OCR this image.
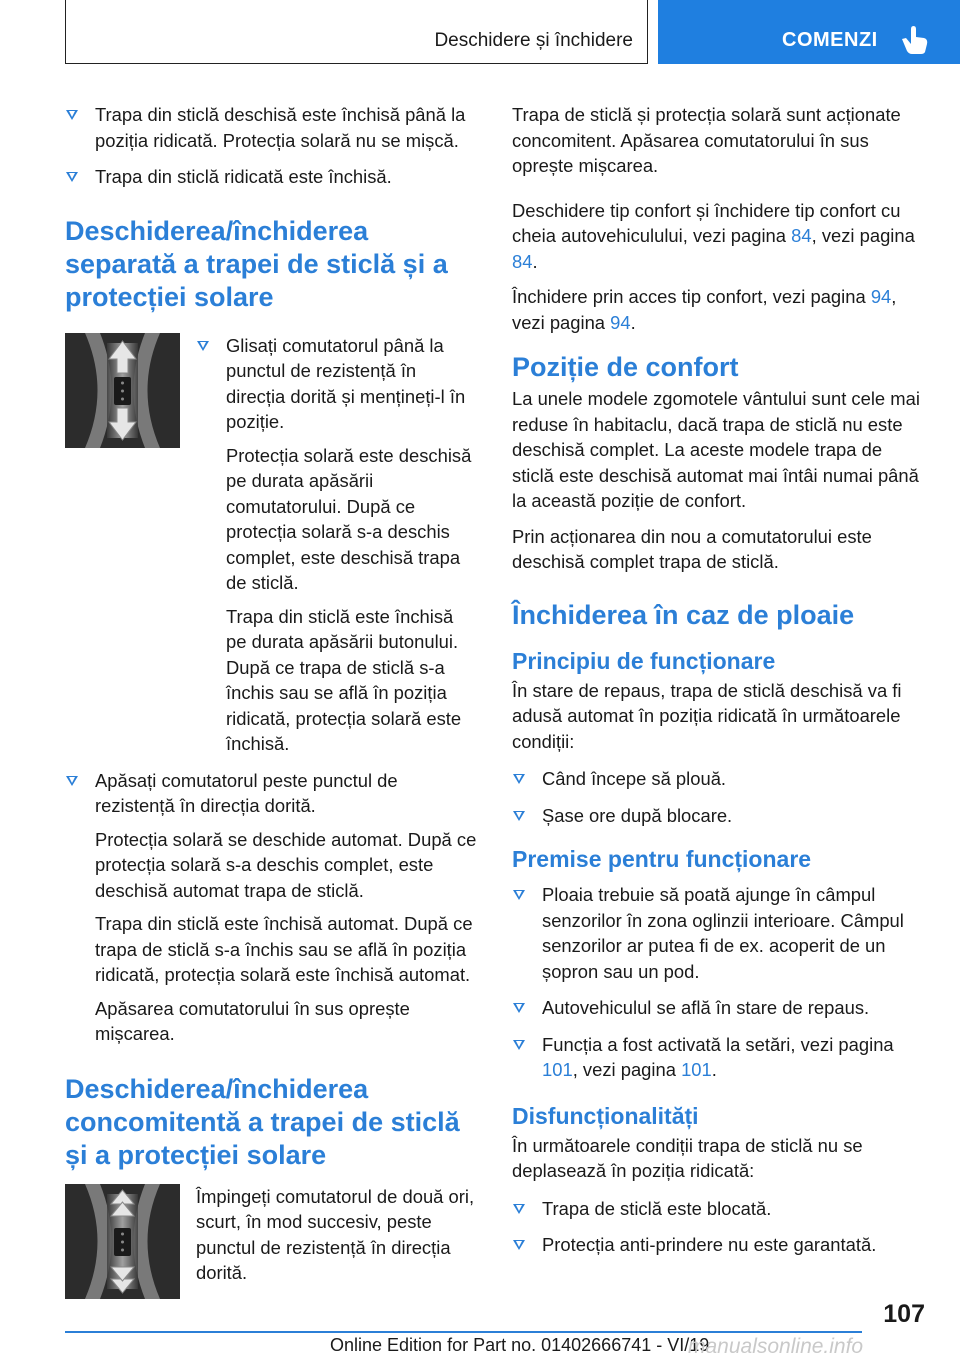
Deschidere și închidere	COMENZI

Trapa din sticlă deschisă este închisă până la poziția ridicată. Protecția solară nu se mișcă.

Trapa din sticlă ridicată este închisă.

Deschiderea/închiderea separată a trapei de sticlă și a protecției solare

Glisați comutatorul până la punctul de rezistență în direcția dorită și mențineți-l în poziție.

Protecția solară este deschisă pe durata apăsării comutatorului. După ce protecția solară s-a deschis complet, este deschisă trapa de sticlă.

Trapa din sticlă este închisă pe durata apăsării butonului. După ce trapa de sticlă s-a închis sau se află în poziția ridicată, protecția solară este închisă.

Apăsați comutatorul peste punctul de rezistență în direcția dorită.

Protecția solară se deschide automat. După ce protecția solară s-a deschis complet, este deschisă automat trapa de sticlă.

Trapa din sticlă este închisă automat. După ce trapa de sticlă s-a închis sau se află în poziția ridicată, protecția solară este închisă automat.

Apăsarea comutatorului în sus oprește mișcarea.

Deschiderea/închiderea concomitentă a trapei de sticlă și a protecției solare

Împingeți comutatorul de două ori, scurt, în mod succesiv, peste punctul de rezistență în direcția dorită.

Trapa de sticlă și protecția solară sunt acționate concomitent. Apăsarea comutatorului în sus oprește mișcarea.

Deschidere tip confort și închidere tip confort cu cheia autovehiculului, vezi pagina 84, vezi pagina 84.

Închidere prin acces tip confort, vezi pagina 94, vezi pagina 94.

Poziție de confort

La unele modele zgomotele vântului sunt cele mai reduse în habitaclu, dacă trapa de sticlă nu este deschisă complet. La aceste modele trapa de sticlă este deschisă automat mai întâi numai până la această poziție de confort.

Prin acționarea din nou a comutatorului este deschisă complet trapa de sticlă.

Închiderea în caz de ploaie
Principiu de funcționare

În stare de repaus, trapa de sticlă deschisă va fi adusă automat în poziția ridicată în următoarele condiții:

Când începe să plouă.

Șase ore după blocare.

Premise pentru funcționare

Ploaia trebuie să poată ajunge în câmpul senzorilor în zona oglinzii interioare. Câmpul senzorilor ar putea fi de ex. acoperit de un șopron sau un pod.

Autovehiculul se află în stare de repaus.

Funcția a fost activată la setări, vezi pagina 101, vezi pagina 101.

Disfuncționalități

În următoarele condiții trapa de sticlă nu se deplasează în poziția ridicată:

Trapa de sticlă este blocată.

Protecția anti-prindere nu este garantată.

107
Online Edition for Part no. 01402666741 - VI/19
manualsonline.info
